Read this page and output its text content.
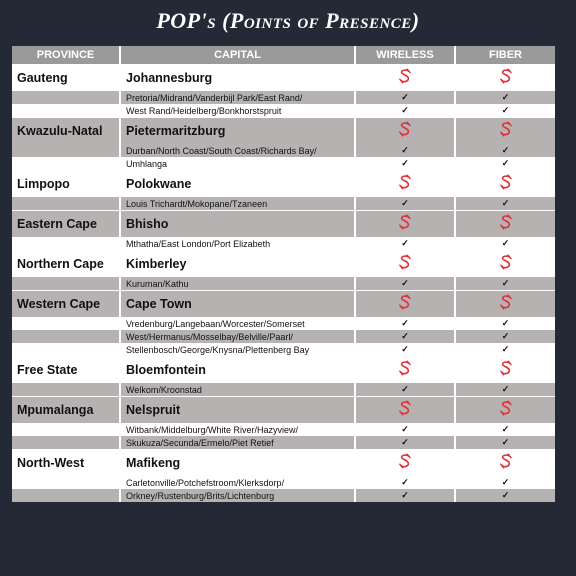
POP's (Points of Presence)
PROVINCE	CAPITAL	WIRELESS	FIBER
Gauteng	Johannesburg		
	Pretoria/Midrand/Vanderbijl Park/East Rand/	✓	✓
	West Rand/Heidelberg/Bonkhorstspruit	✓	✓
Kwazulu-Natal	Pietermaritzburg		
	Durban/North Coast/South Coast/Richards Bay/	✓	✓
	Umhlanga	✓	✓
Limpopo	Polokwane		
	Louis Trichardt/Mokopane/Tzaneen	✓	✓
Eastern Cape	Bhisho		
	Mthatha/East London/Port Elizabeth	✓	✓
Northern Cape	Kimberley		
	Kuruman/Kathu	✓	✓
Western Cape	Cape Town		
	Vredenburg/Langebaan/Worcester/Somerset	✓	✓
	West/Hermanus/Mosselbay/Belville/Paarl/	✓	✓
	Stellenbosch/George/Knysna/Plettenberg Bay	✓	✓
Free State	Bloemfontein		
	Welkom/Kroonstad	✓	✓
Mpumalanga	Nelspruit		
	Witbank/Middelburg/White River/Hazyview/	✓	✓
	Skukuza/Secunda/Ermelo/Piet Retief	✓	✓
North-West	Mafikeng		
	Carletonville/Potchefstroom/Klerksdorp/	✓	✓
	Orkney/Rustenburg/Brits/Lichtenburg	✓	✓
